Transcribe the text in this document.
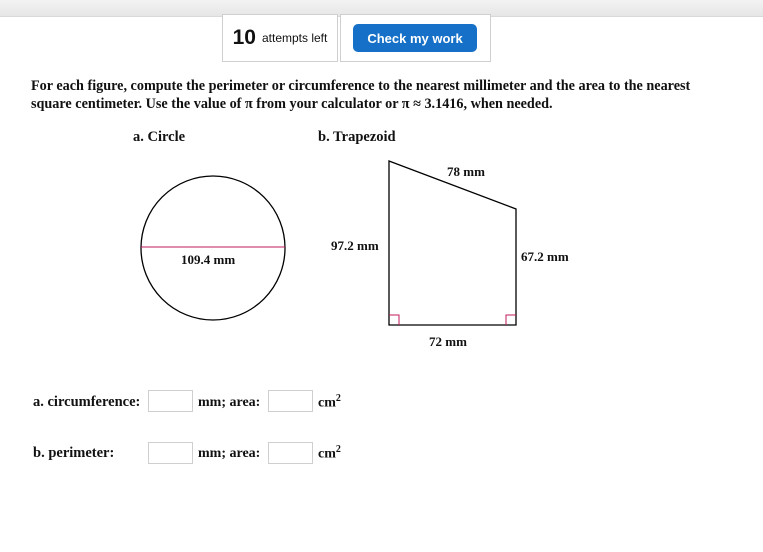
10 attempts left	Check my work
For each figure, compute the perimeter or circumference to the nearest millimeter and the area to the nearest square centimeter. Use the value of π from your calculator or π ≈ 3.1416, when needed.
a. Circle	b. Trapezoid
109.4 mm
78 mm
97.2 mm
67.2 mm
72 mm
a. circumference:	mm; area:	$cm^2$
b. perimeter:	mm; area:	$cm^2$
